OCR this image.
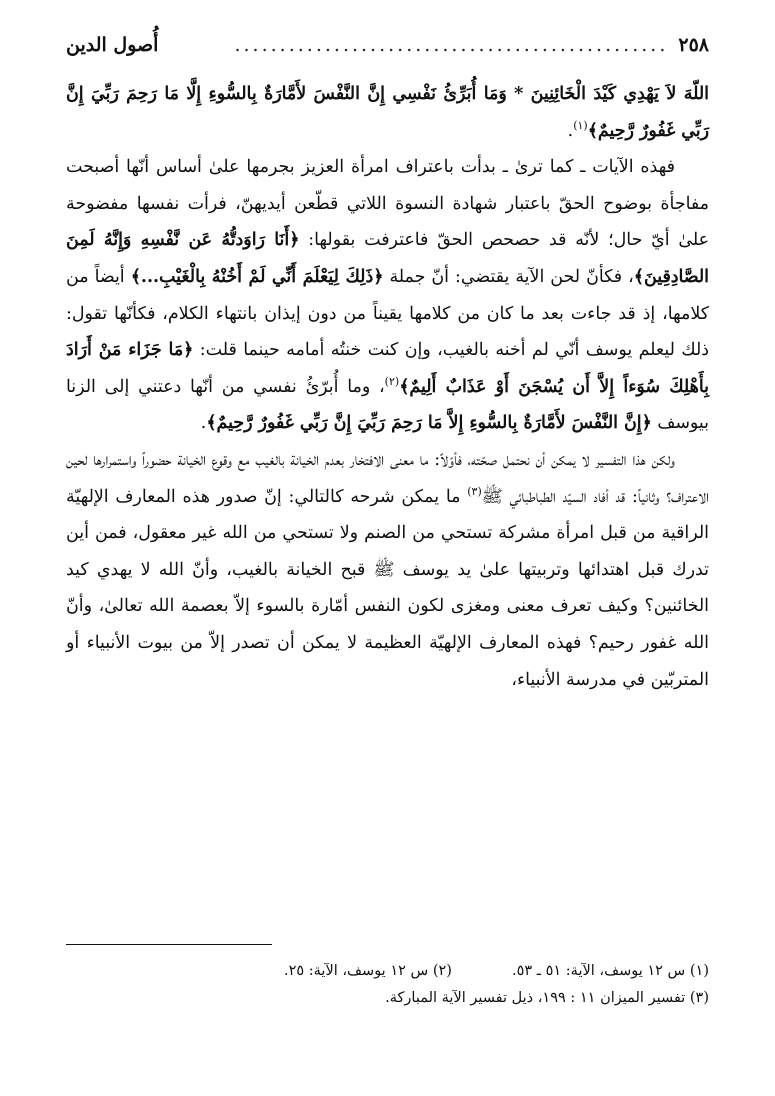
٢٥٨
................................................
أُصول الدين

اللّهَ لاَ يَهْدِي كَيْدَ الْخَائِنِينَ * وَمَا أُبَرِّئُ نَفْسِي إِنَّ النَّفْسَ لأَمَّارَةٌ بِالسُّوءِ إِلَّا مَا رَحِمَ رَبِّيَ إِنَّ رَبِّي غَفُورٌ رَّحِيمٌ﴾$^{(١)}$.

فهذه الآيات ـ كما ترىٰ ـ بدأت باعتراف امرأة العزيز بجرمها علىٰ أساس أنّها أصبحت مفاجأة بوضوح الحقّ باعتبار شهادة النسوة اللاتي قطّعن أيديهنّ، فرأت نفسها مفضوحة علىٰ أيّ حال؛ لأنّه قد حصحص الحقّ فاعترفت بقولها: ﴿أَنَا رَاوَدتُّهُ عَن نَّفْسِهِ وَإِنَّهُ لَمِنَ الصَّادِقِينَ﴾، فكأنّ لحن الآية يقتضي: أنّ جملة ﴿ذَلِكَ لِيَعْلَمَ أَنِّي لَمْ أَخُنْهُ بِالْغَيْبِ...﴾ أيضاً من كلامها، إذ قد جاءت بعد ما كان من كلامها يقيناً من دون إيذان بانتهاء الكلام، فكأنّها تقول: ذلك ليعلم يوسف أنّي لم أخنه بالغيب، وإن كنت خنتُه أمامه حينما قلت: ﴿مَا جَزَاء مَنْ أَرَادَ بِأَهْلِكَ سُوَءاً إِلاَّ أَن يُسْجَنَ أَوْ عَذَابٌ أَلِيمٌ﴾$^{(٢)}$، وما أُبرّئُ نفسي من أنّها دعتني إلى الزنا بيوسف ﴿إِنَّ النَّفْسَ لأَمَّارَةٌ بِالسُّوءِ إِلاَّ مَا رَحِمَ رَبِّيَ إِنَّ رَبِّي غَفُورٌ رَّحِيمٌ﴾.

ولكن هذا التفسير لا يمكن أن نحتمل صحّته، فأوّلاً: ما معنى الافتخار بعدم الخيانة بالغيب مع وقوع الخيانة حضوراً واستمرارها لحين الاعتراف؟ وثانياً: قد أفاد السيّد الطباطبائي ﷺ$^{(٣)}$ ما يمكن شرحه كالتالي: إنّ صدور هذه المعارف الإلهيّة الراقية من قبل امرأة مشركة تستحي من الصنم ولا تستحي من الله غير معقول، فمن أين تدرك قبل اهتدائها وتربيتها علىٰ يد يوسف ﷺ قبح الخيانة بالغيب، وأنّ الله لا يهدي كيد الخائنين؟ وكيف تعرف معنى ومغزى لكون النفس أمّارة بالسوء إلاّ بعصمة الله تعالىٰ، وأنّ الله غفور رحيم؟ فهذه المعارف الإلهيّة العظيمة لا يمكن أن تصدر إلاّ من بيوت الأنبياء أو المتربّين في مدرسة الأنبياء،

(١) س ١٢ يوسف، الآية: ٥١ ـ ٥٣.
(٢) س ١٢ يوسف، الآية: ٢٥.
(٣) تفسير الميزان ١١ : ١٩٩، ذيل تفسير الآية المباركة.
